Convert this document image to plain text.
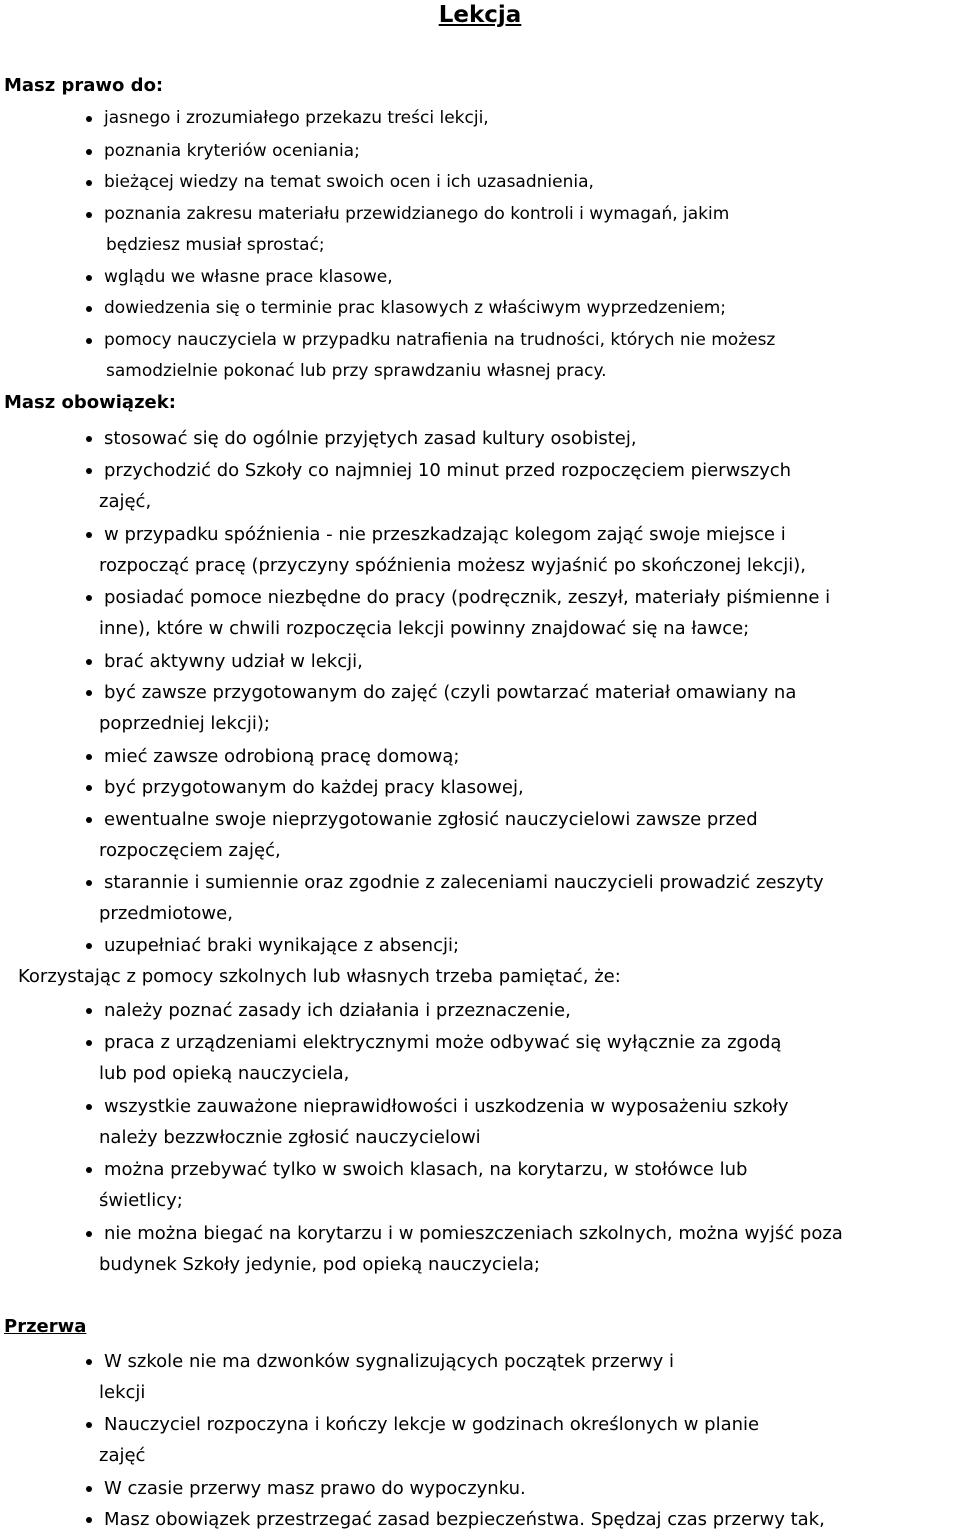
Lekcja
Masz prawo do:
jasnego i zrozumiałego przekazu treści lekcji,
poznania kryteriów oceniania;
bieżącej wiedzy na temat swoich ocen i ich uzasadnienia,
poznania zakresu materiału przewidzianego do kontroli i wymagań, jakim
będziesz musiał sprostać;
wglądu we własne prace klasowe,
dowiedzenia się o terminie prac klasowych z właściwym wyprzedzeniem;
pomocy nauczyciela w przypadku natrafienia na trudności, których nie możesz
samodzielnie pokonać lub przy sprawdzaniu własnej pracy.
Masz obowiązek:
stosować się do ogólnie przyjętych zasad kultury osobistej,
przychodzić do Szkoły co najmniej 10 minut przed rozpoczęciem pierwszych
zajęć,
w przypadku spóźnienia - nie przeszkadzając kolegom zająć swoje miejsce i
rozpocząć pracę (przyczyny spóźnienia możesz wyjaśnić po skończonej lekcji),
posiadać pomoce niezbędne do pracy (podręcznik, zeszył, materiały piśmienne i
inne), które w chwili rozpoczęcia lekcji powinny znajdować się na ławce;
brać aktywny udział w lekcji,
być zawsze przygotowanym do zajęć (czyli powtarzać materiał omawiany na
poprzedniej lekcji);
mieć zawsze odrobioną pracę domową;
być przygotowanym do każdej pracy klasowej,
ewentualne swoje nieprzygotowanie zgłosić nauczycielowi zawsze przed
rozpoczęciem zajęć,
starannie i sumiennie oraz zgodnie z zaleceniami nauczycieli prowadzić zeszyty
przedmiotowe,
uzupełniać braki wynikające z absencji;
Korzystając z pomocy szkolnych lub własnych trzeba pamiętać, że:
należy poznać zasady ich działania i przeznaczenie,
praca z urządzeniami elektrycznymi może odbywać się wyłącznie za zgodą
lub pod opieką nauczyciela,
wszystkie zauważone nieprawidłowości i uszkodzenia w wyposażeniu szkoły
należy bezzwłocznie zgłosić nauczycielowi
można przebywać tylko w swoich klasach, na korytarzu, w stołówce lub
świetlicy;
nie można biegać na korytarzu i w pomieszczeniach szkolnych, można wyjść poza
budynek Szkoły jedynie, pod opieką nauczyciela;
Przerwa
W szkole nie ma dzwonków sygnalizujących początek przerwy i
lekcji
Nauczyciel rozpoczyna i kończy lekcje w godzinach określonych w planie
zajęć
W czasie przerwy masz prawo do wypoczynku.
Masz obowiązek przestrzegać zasad bezpieczeństwa. Spędzaj czas przerwy tak,
